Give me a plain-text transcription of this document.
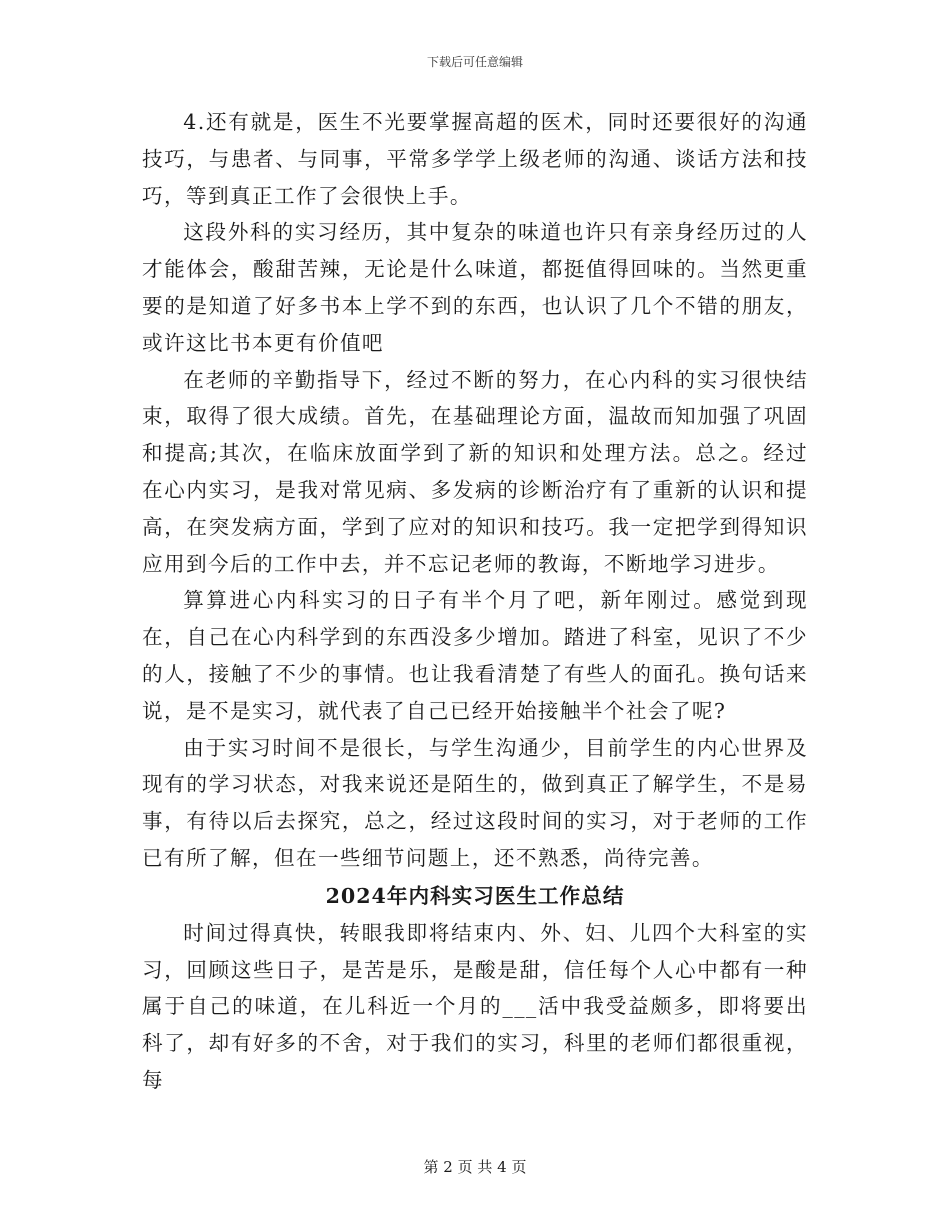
下载后可任意编辑

4.还有就是，医生不光要掌握高超的医术，同时还要很好的沟通技巧，与患者、与同事，平常多学学上级老师的沟通、谈话方法和技巧，等到真正工作了会很快上手。

这段外科的实习经历，其中复杂的味道也许只有亲身经历过的人才能体会，酸甜苦辣，无论是什么味道，都挺值得回味的。当然更重要的是知道了好多书本上学不到的东西，也认识了几个不错的朋友，或许这比书本更有价值吧

在老师的辛勤指导下，经过不断的努力，在心内科的实习很快结束，取得了很大成绩。首先，在基础理论方面，温故而知加强了巩固和提高;其次，在临床放面学到了新的知识和处理方法。总之。经过在心内实习，是我对常见病、多发病的诊断治疗有了重新的认识和提高，在突发病方面，学到了应对的知识和技巧。我一定把学到得知识应用到今后的工作中去，并不忘记老师的教诲，不断地学习进步。

算算进心内科实习的日子有半个月了吧，新年刚过。感觉到现在，自己在心内科学到的东西没多少增加。踏进了科室，见识了不少的人，接触了不少的事情。也让我看清楚了有些人的面孔。换句话来说，是不是实习，就代表了自己已经开始接触半个社会了呢?

由于实习时间不是很长，与学生沟通少，目前学生的内心世界及现有的学习状态，对我来说还是陌生的，做到真正了解学生，不是易事，有待以后去探究，总之，经过这段时间的实习，对于老师的工作已有所了解，但在一些细节问题上，还不熟悉，尚待完善。

2024年内科实习医生工作总结

时间过得真快，转眼我即将结束内、外、妇、儿四个大科室的实习，回顾这些日子，是苦是乐，是酸是甜，信任每个人心中都有一种属于自己的味道，在儿科近一个月的___活中我受益颇多，即将要出科了，却有好多的不舍，对于我们的实习，科里的老师们都很重视，每

第 2 页 共 4 页
